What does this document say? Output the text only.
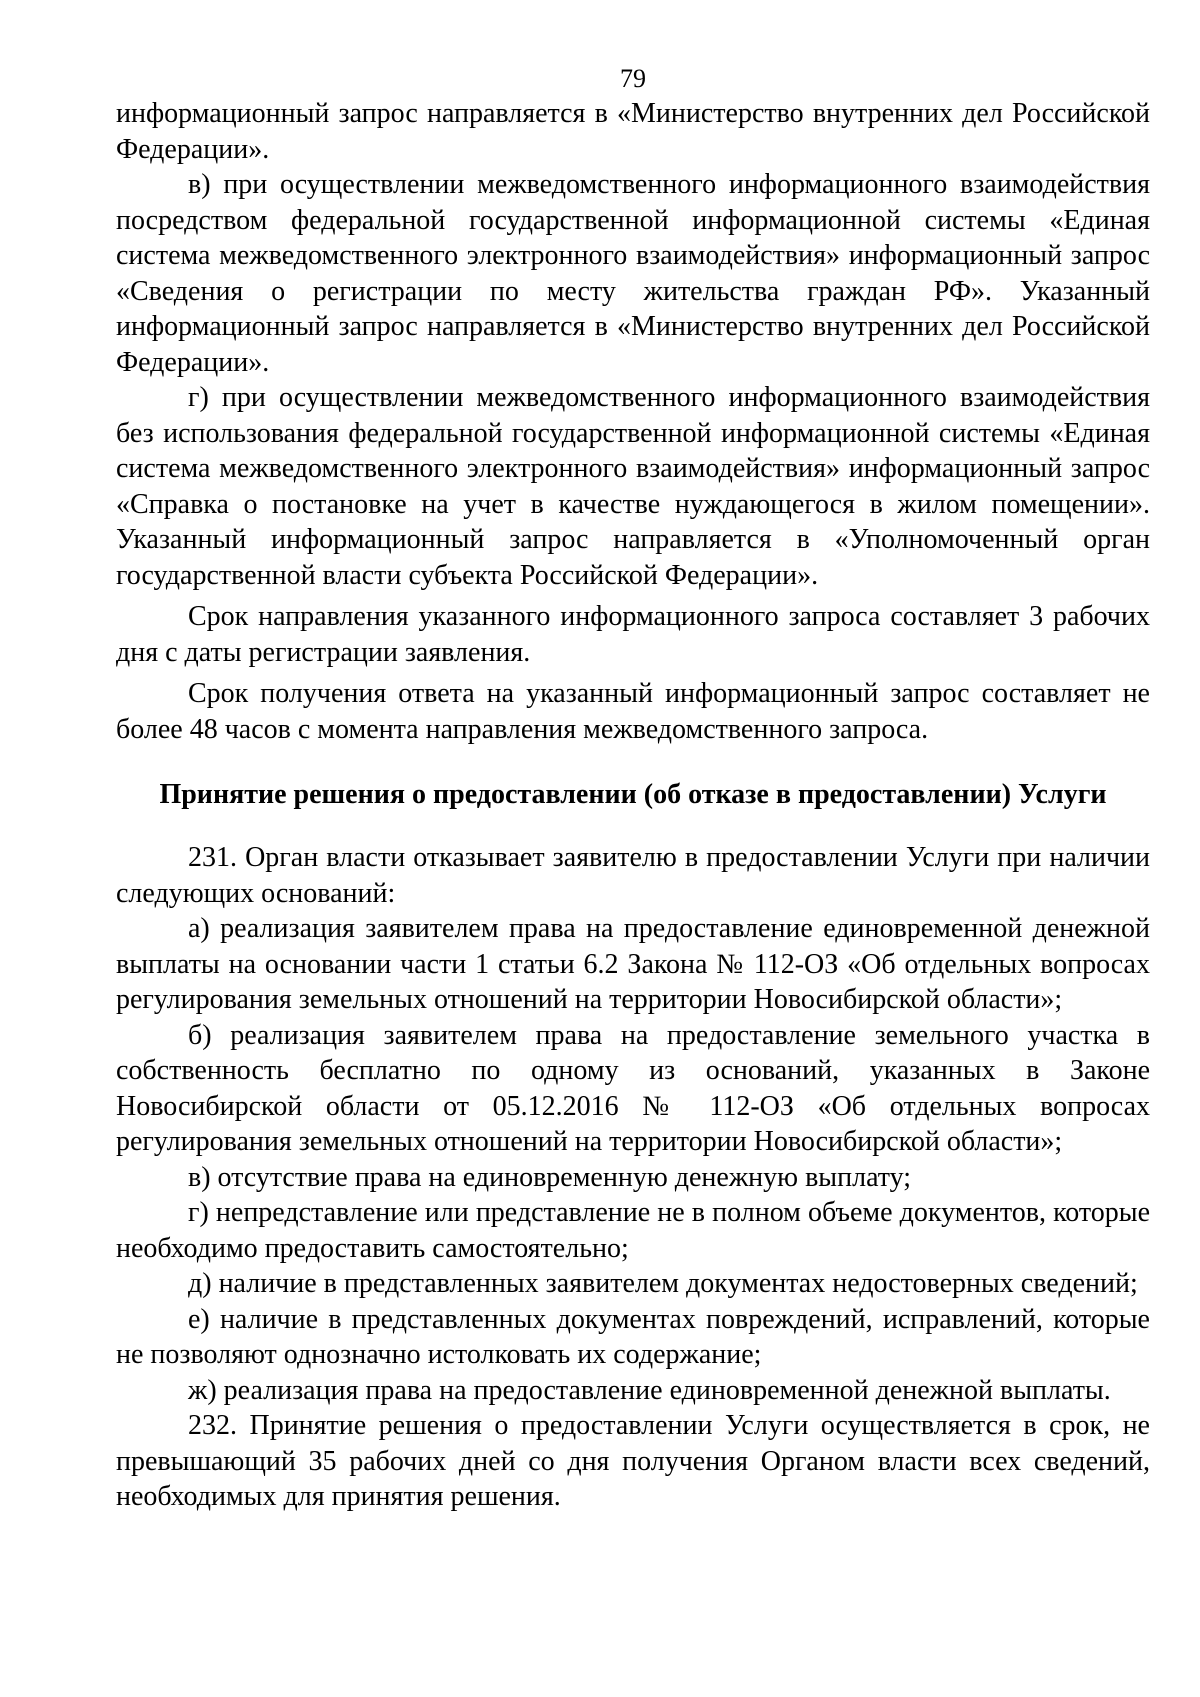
79

информационный запрос направляется в «Министерство внутренних дел Российской Федерации».

в) при осуществлении межведомственного информационного взаимодействия посредством федеральной государственной информационной системы «Единая система межведомственного электронного взаимодействия» информационный запрос «Сведения о регистрации по месту жительства граждан РФ». Указанный информационный запрос направляется в «Министерство внутренних дел Российской Федерации».

г) при осуществлении межведомственного информационного взаимодействия без использования федеральной государственной информационной системы «Единая система межведомственного электронного взаимодействия» информационный запрос «Справка о постановке на учет в качестве нуждающегося в жилом помещении». Указанный информационный запрос направляется в «Уполномоченный орган государственной власти субъекта Российской Федерации».

Срок направления указанного информационного запроса составляет 3 рабочих дня с даты регистрации заявления.

Срок получения ответа на указанный информационный запрос составляет не более 48 часов с момента направления межведомственного запроса.

Принятие решения о предоставлении (об отказе в предоставлении) Услуги

231. Орган власти отказывает заявителю в предоставлении Услуги при наличии следующих оснований:

а) реализация заявителем права на предоставление единовременной денежной выплаты на основании части 1 статьи 6.2 Закона № 112-ОЗ «Об отдельных вопросах регулирования земельных отношений на территории Новосибирской области»;

б) реализация заявителем права на предоставление земельного участка в собственность бесплатно по одному из оснований, указанных в Законе Новосибирской области от 05.12.2016 № 112-ОЗ «Об отдельных вопросах регулирования земельных отношений на территории Новосибирской области»;

в) отсутствие права на единовременную денежную выплату;

г) непредставление или представление не в полном объеме документов, которые необходимо предоставить самостоятельно;

д) наличие в представленных заявителем документах недостоверных сведений;

е) наличие в представленных документах повреждений, исправлений, которые не позволяют однозначно истолковать их содержание;

ж) реализация права на предоставление единовременной денежной выплаты.

232. Принятие решения о предоставлении Услуги осуществляется в срок, не превышающий 35 рабочих дней со дня получения Органом власти всех сведений, необходимых для принятия решения.
